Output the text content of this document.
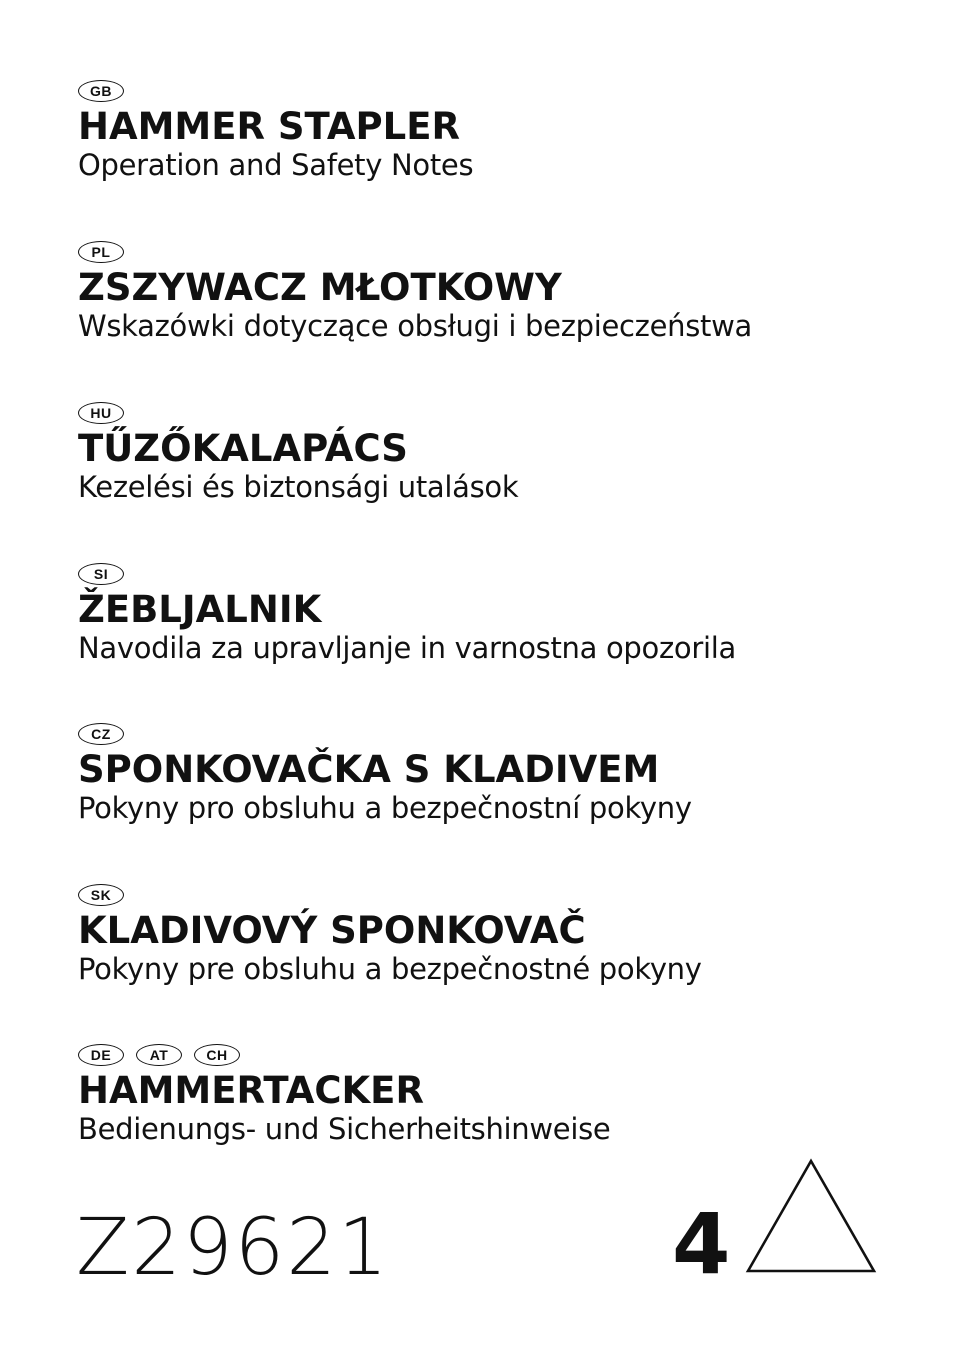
GB
HAMMER STAPLER
Operation and Safety Notes
PL
ZSZYWACZ MŁOTKOWY
Wskazówki dotyczące obsługi i bezpieczeństwa
HU
TŰZŐKALAPÁCS
Kezelési és biztonsági utalások
SI
ŽEBLJALNIK
Navodila za upravljanje in varnostna opozorila
CZ
SPONKOVAČKA S KLADIVEM
Pokyny pro obsluhu a bezpečnostní pokyny
SK
KLADIVOVÝ SPONKOVAČ
Pokyny pre obsluhu a bezpečnostné pokyny
DE	AT	CH
HAMMERTACKER
Bedienungs- und Sicherheitshinweise
Z29621	4
